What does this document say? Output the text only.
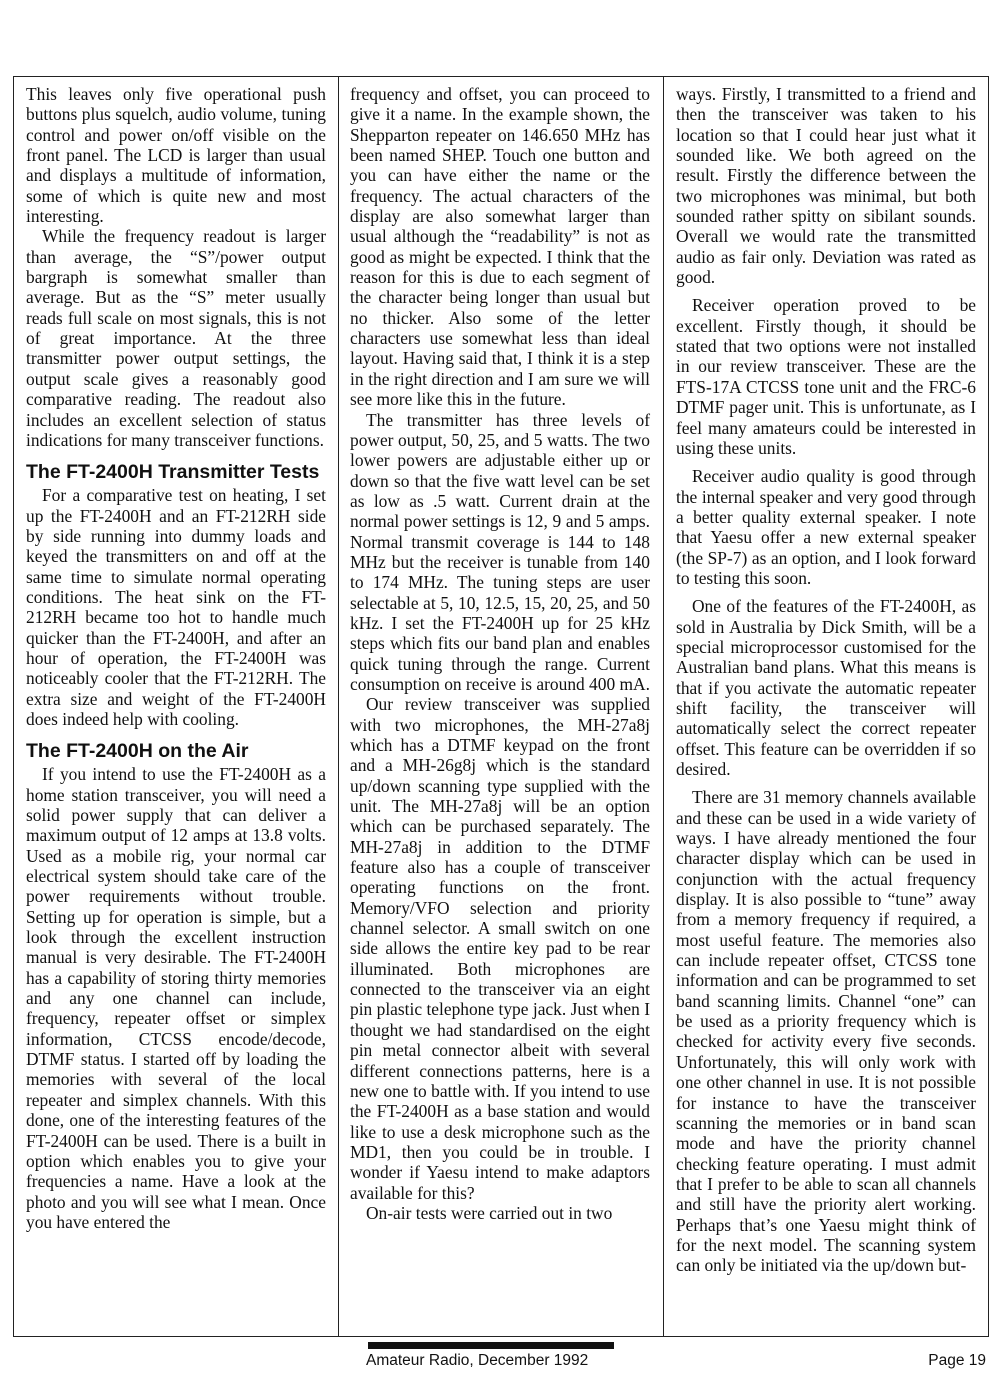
This leaves only five operational push buttons plus squelch, audio volume, tuning control and power on/off visible on the front panel. The LCD is larger than usual and displays a multitude of information, some of which is quite new and most interesting.

While the frequency readout is larger than average, the “S”/power output bargraph is somewhat smaller than average. But as the “S” meter usually reads full scale on most signals, this is not of great importance. At the three transmitter power output settings, the output scale gives a reasonably good comparative reading. The readout also includes an excellent selection of status indications for many transceiver functions.

The FT-2400H Transmitter Tests

For a comparative test on heating, I set up the FT-2400H and an FT-212RH side by side running into dummy loads and keyed the transmitters on and off at the same time to simulate normal operating conditions. The heat sink on the FT-212RH became too hot to handle much quicker than the FT-2400H, and after an hour of operation, the FT-2400H was noticeably cooler that the FT-212RH. The extra size and weight of the FT-2400H does indeed help with cooling.

The FT-2400H on the Air

If you intend to use the FT-2400H as a home station transceiver, you will need a solid power supply that can deliver a maximum output of 12 amps at 13.8 volts. Used as a mobile rig, your normal car electrical system should take care of the power requirements without trouble. Setting up for operation is simple, but a look through the excellent instruction manual is very desirable. The FT-2400H has a capability of storing thirty memories and any one channel can include, frequency, repeater offset or simplex information, CTCSS encode/decode, DTMF status. I started off by loading the memories with several of the local repeater and simplex channels. With this done, one of the interesting features of the FT-2400H can be used. There is a built in option which enables you to give your frequencies a name. Have a look at the photo and you will see what I mean. Once you have entered the

frequency and offset, you can proceed to give it a name. In the example shown, the Shepparton repeater on 146.650 MHz has been named SHEP. Touch one button and you can have either the name or the frequency. The actual characters of the display are also somewhat larger than usual although the “readability” is not as good as might be expected. I think that the reason for this is due to each segment of the character being longer than usual but no thicker. Also some of the letter characters use somewhat less than ideal layout. Having said that, I think it is a step in the right direction and I am sure we will see more like this in the future.

The transmitter has three levels of power output, 50, 25, and 5 watts. The two lower powers are adjustable either up or down so that the five watt level can be set as low as .5 watt. Current drain at the normal power settings is 12, 9 and 5 amps. Normal transmit coverage is 144 to 148 MHz but the receiver is tunable from 140 to 174 MHz. The tuning steps are user selectable at 5, 10, 12.5, 15, 20, 25, and 50 kHz. I set the FT-2400H up for 25 kHz steps which fits our band plan and enables quick tuning through the range. Current consumption on receive is around 400 mA.

Our review transceiver was supplied with two microphones, the MH-27a8j which has a DTMF keypad on the front and a MH-26g8j which is the standard up/down scanning type supplied with the unit. The MH-27a8j will be an option which can be purchased separately. The MH-27a8j in addition to the DTMF feature also has a couple of transceiver operating functions on the front. Memory/VFO selection and priority channel selector. A small switch on one side allows the entire key pad to be rear illuminated. Both microphones are connected to the transceiver via an eight pin plastic telephone type jack. Just when I thought we had standardised on the eight pin metal connector albeit with several different connections patterns, here is a new one to battle with. If you intend to use the FT-2400H as a base station and would like to use a desk microphone such as the MD1, then you could be in trouble. I wonder if Yaesu intend to make adaptors available for this?

On-air tests were carried out in two

ways. Firstly, I transmitted to a friend and then the transceiver was taken to his location so that I could hear just what it sounded like. We both agreed on the result. Firstly the difference between the two microphones was minimal, but both sounded rather spitty on sibilant sounds. Overall we would rate the transmitted audio as fair only. Deviation was rated as good.

Receiver operation proved to be excellent. Firstly though, it should be stated that two options were not installed in our review transceiver. These are the FTS-17A CTCSS tone unit and the FRC-6 DTMF pager unit. This is unfortunate, as I feel many amateurs could be interested in using these units.

Receiver audio quality is good through the internal speaker and very good through a better quality external speaker. I note that Yaesu offer a new external speaker (the SP-7) as an option, and I look forward to testing this soon.

One of the features of the FT-2400H, as sold in Australia by Dick Smith, will be a special microprocessor customised for the Australian band plans. What this means is that if you activate the automatic repeater shift facility, the transceiver will automatically select the correct repeater offset. This feature can be overridden if so desired.

There are 31 memory channels available and these can be used in a wide variety of ways. I have already mentioned the four character display which can be used in conjunction with the actual frequency display. It is also possible to “tune” away from a memory frequency if required, a most useful feature. The memories also can include repeater offset, CTCSS tone information and can be programmed to set band scanning limits. Channel “one” can be used as a priority frequency which is checked for activity every five seconds. Unfortunately, this will only work with one other channel in use. It is not possible for instance to have the transceiver scanning the memories or in band scan mode and have the priority channel checking feature operating. I must admit that I prefer to be able to scan all channels and still have the priority alert working. Perhaps that’s one Yaesu might think of for the next model. The scanning system can only be initiated via the up/down but-

Amateur Radio, December 1992	Page 19
